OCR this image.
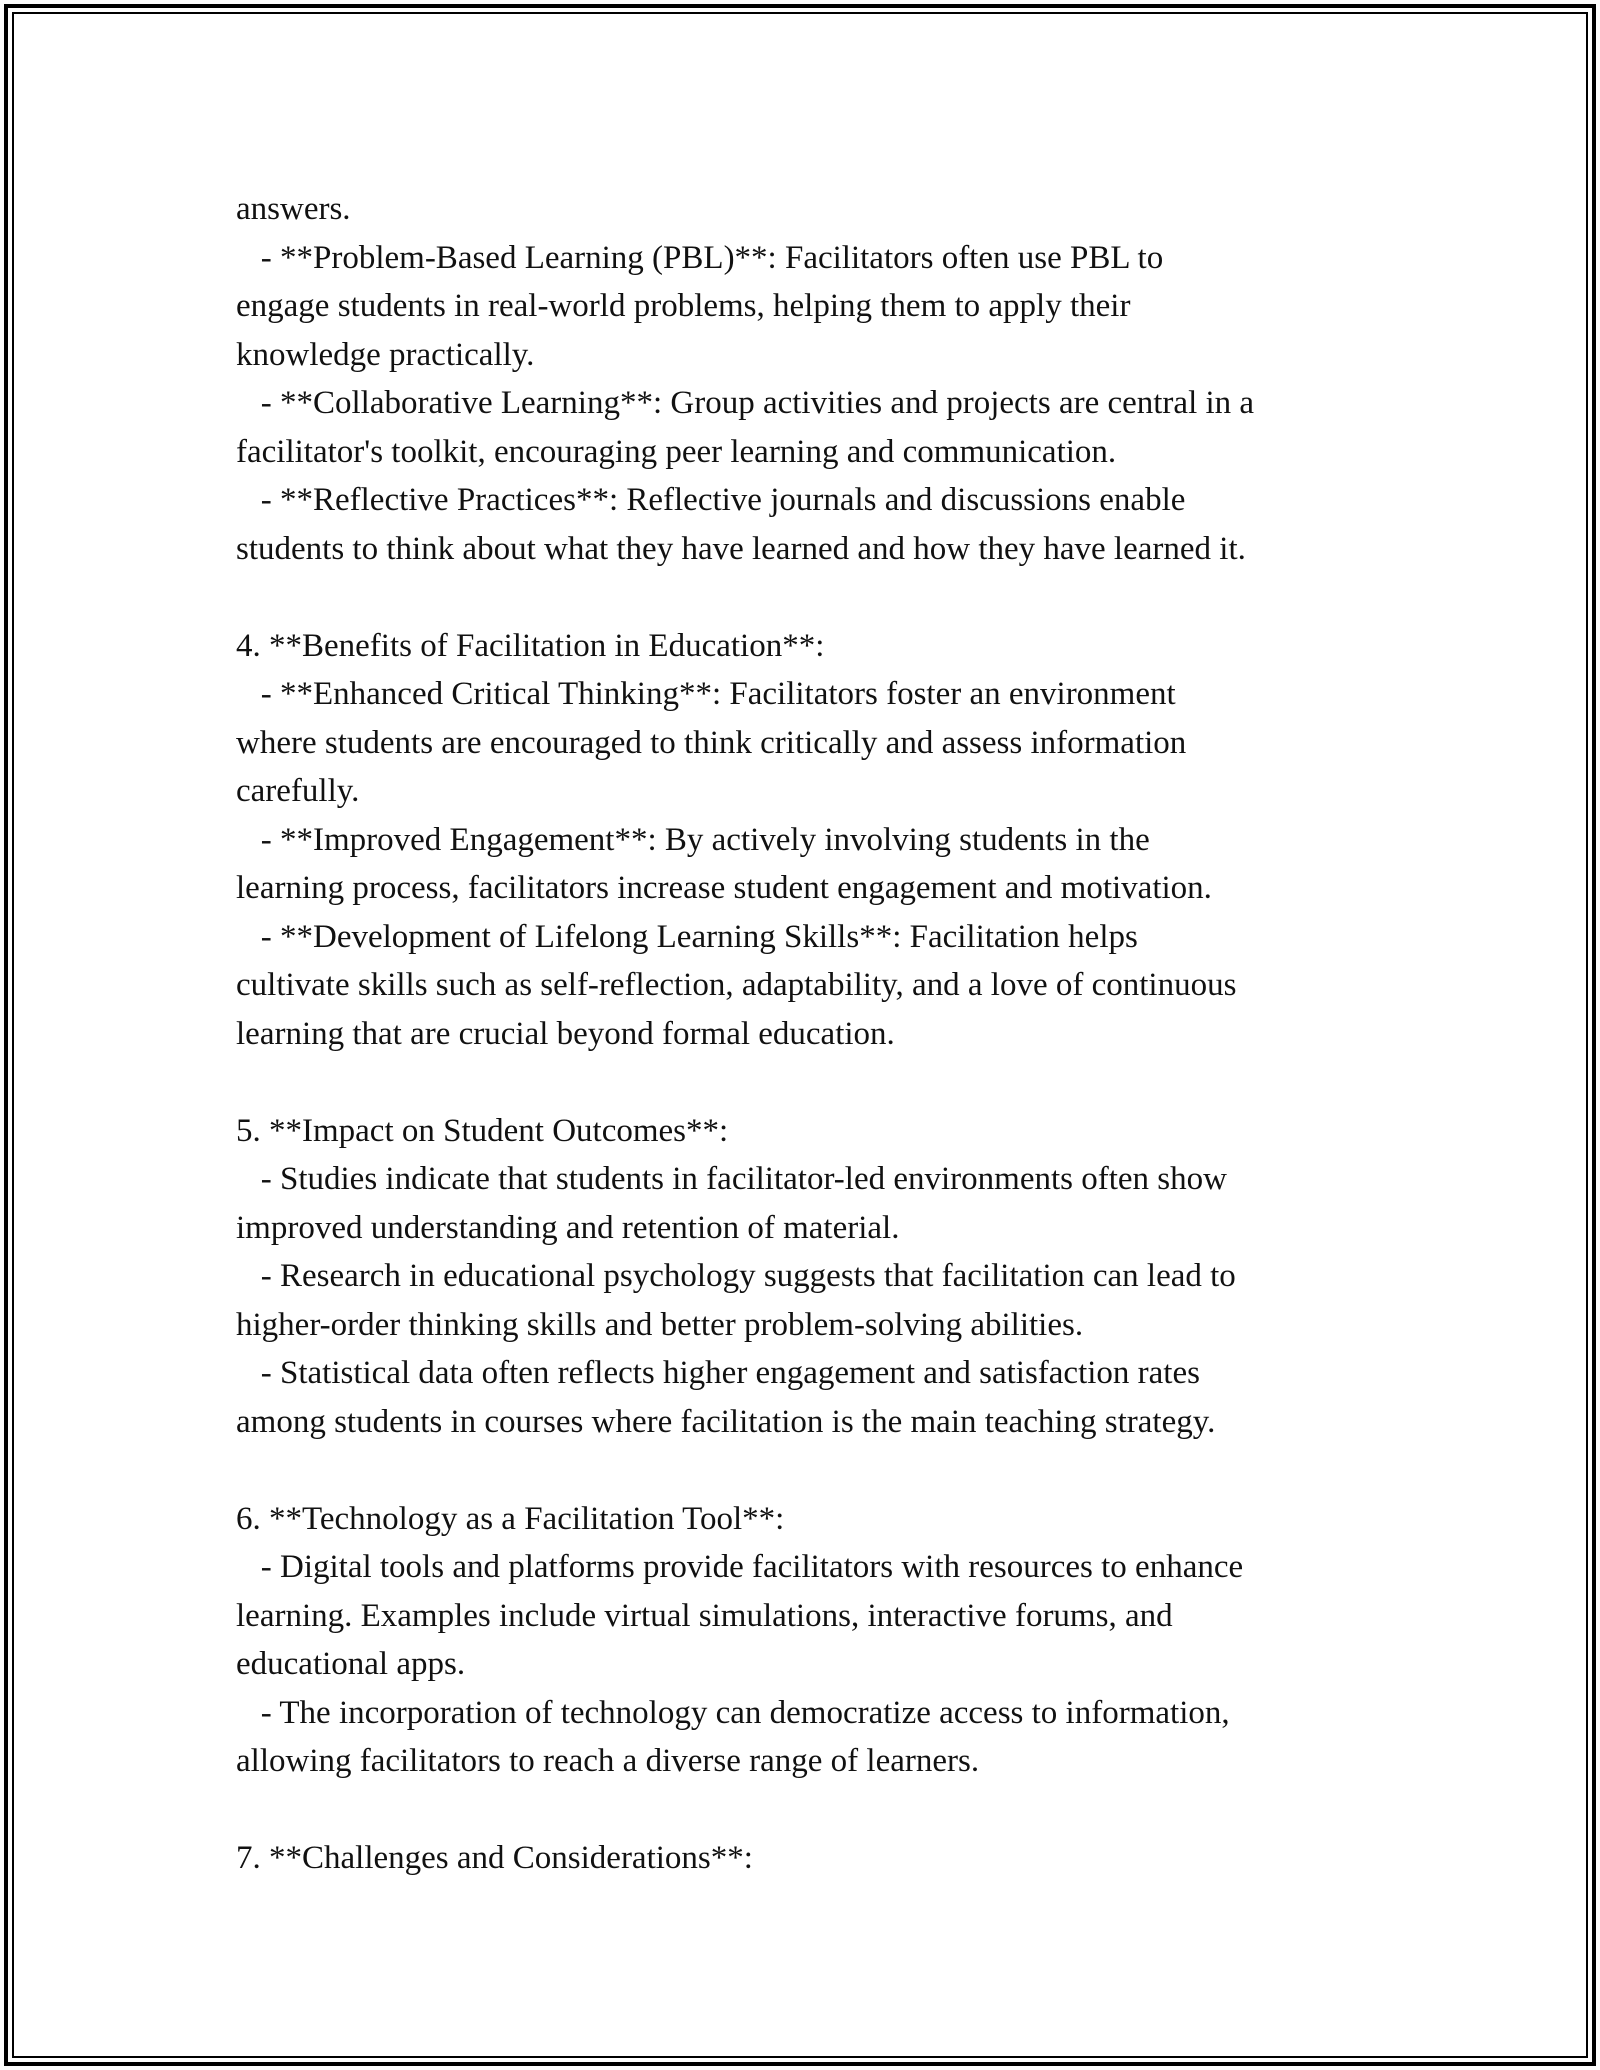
answers.
- **Problem-Based Learning (PBL)**: Facilitators often use PBL to
engage students in real-world problems, helping them to apply their
knowledge practically.
- **Collaborative Learning**: Group activities and projects are central in a
facilitator's toolkit, encouraging peer learning and communication.
- **Reflective Practices**: Reflective journals and discussions enable
students to think about what they have learned and how they have learned it.
4. **Benefits of Facilitation in Education**:
- **Enhanced Critical Thinking**: Facilitators foster an environment
where students are encouraged to think critically and assess information
carefully.
- **Improved Engagement**: By actively involving students in the
learning process, facilitators increase student engagement and motivation.
- **Development of Lifelong Learning Skills**: Facilitation helps
cultivate skills such as self-reflection, adaptability, and a love of continuous
learning that are crucial beyond formal education.
5. **Impact on Student Outcomes**:
- Studies indicate that students in facilitator-led environments often show
improved understanding and retention of material.
- Research in educational psychology suggests that facilitation can lead to
higher-order thinking skills and better problem-solving abilities.
- Statistical data often reflects higher engagement and satisfaction rates
among students in courses where facilitation is the main teaching strategy.
6. **Technology as a Facilitation Tool**:
- Digital tools and platforms provide facilitators with resources to enhance
learning. Examples include virtual simulations, interactive forums, and
educational apps.
- The incorporation of technology can democratize access to information,
allowing facilitators to reach a diverse range of learners.
7. **Challenges and Considerations**:
